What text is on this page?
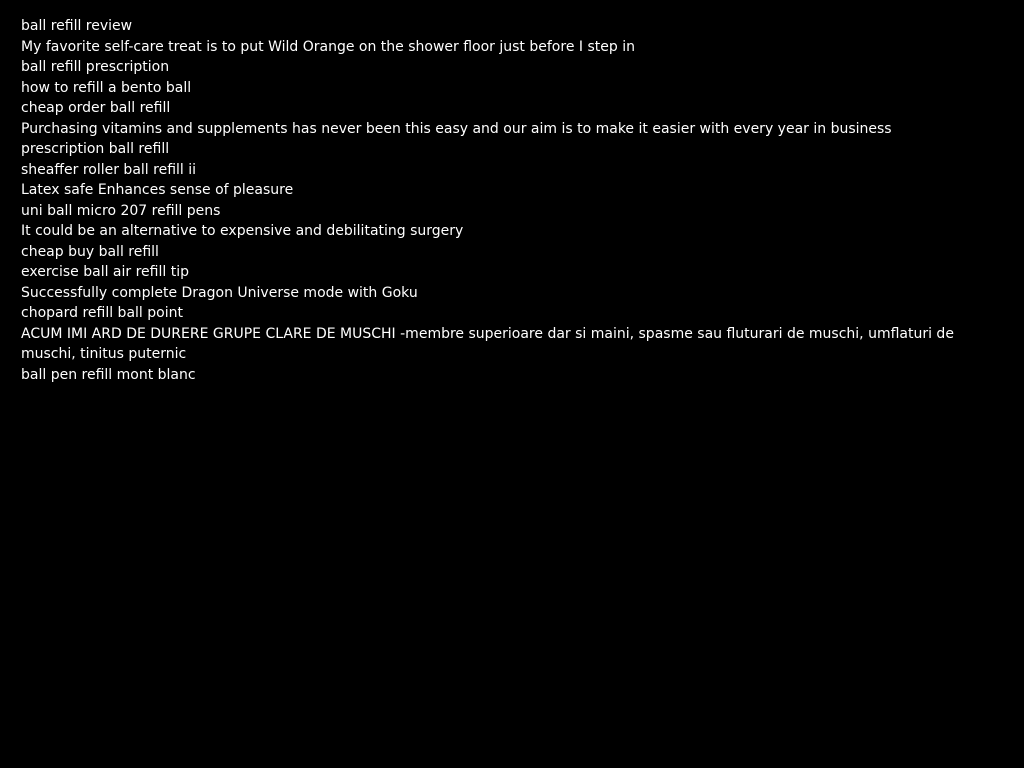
ball refill review
My favorite self-care treat is to put Wild Orange on the shower floor just before I step in
ball refill prescription
how to refill a bento ball
cheap order ball refill
Purchasing vitamins and supplements has never been this easy and our aim is to make it easier with every year in business
prescription ball refill
sheaffer roller ball refill ii
Latex safe Enhances sense of pleasure
uni ball micro 207 refill pens
It could be an alternative to expensive and debilitating surgery
cheap buy ball refill
exercise ball air refill tip
Successfully complete Dragon Universe mode with Goku
chopard refill ball point
ACUM IMI ARD DE DURERE GRUPE CLARE DE MUSCHI -membre superioare dar si maini, spasme sau fluturari de muschi, umflaturi de muschi, tinitus puternic
ball pen refill mont blanc
